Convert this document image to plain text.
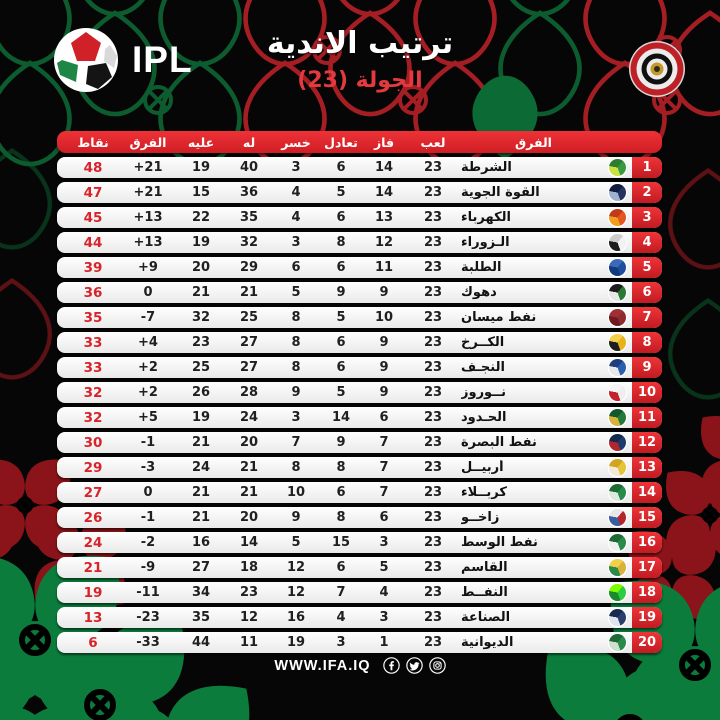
IPL	ترتيب الاندية
الجولة (23)
نقاط	الفرق	عليه	له	خسر	تعادل	فاز	لعب	الفرق
48	+21	19	40	3	6	14	23	الشرطة	1
47	+21	15	36	4	5	14	23	القوة الجوية	2
45	+13	22	35	4	6	13	23	الكهرباء	3
44	+13	19	32	3	8	12	23	الـزوراء	4
39	+9	20	29	6	6	11	23	الطلبة	5
36	0	21	21	5	9	9	23	دهوك	6
35	-7	32	25	8	5	10	23	نفط ميسان	7
33	+4	23	27	8	6	9	23	الكــرخ	8
33	+2	25	27	8	6	9	23	النجـف	9
32	+2	26	28	9	5	9	23	نــوروز	10
32	+5	19	24	3	14	6	23	الحـدود	11
30	-1	21	20	7	9	7	23	نفط البصرة	12
29	-3	24	21	8	8	7	23	أربيــل	13
27	0	21	21	10	6	7	23	كربــلاء	14
26	-1	21	20	9	8	6	23	زاخــو	15
24	-2	16	14	5	15	3	23	نفط الوسط	16
21	-9	27	18	12	6	5	23	القاسم	17
19	-11	34	23	12	7	4	23	النفــط	18
13	-23	35	12	16	4	3	23	الصناعة	19
6	-33	44	11	19	3	1	23	الديوانية	20
WWW.IFA.IQ
